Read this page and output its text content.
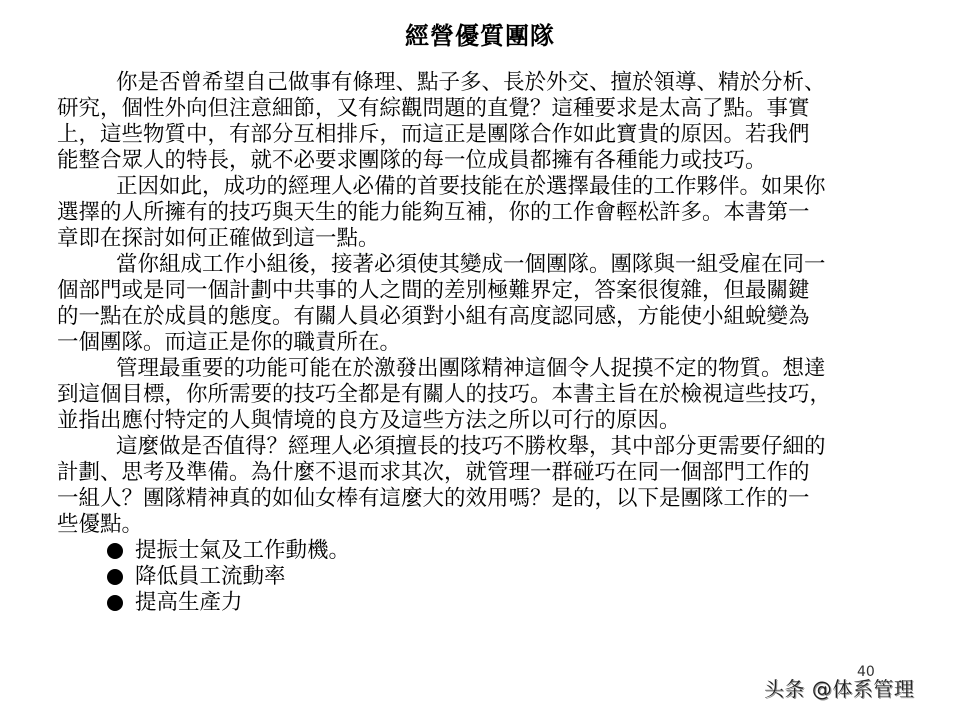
經營優質團隊
你是否曾希望自己做事有條理、點子多、長於外交、擅於領導、精於分析、
研究，個性外向但注意細節，又有綜觀問題的直覺？這種要求是太高了點。事實
上，這些物質中，有部分互相排斥，而這正是團隊合作如此寶貴的原因。若我們
能整合眾人的特長，就不必要求團隊的每一位成員都擁有各種能力或技巧。
正因如此，成功的經理人必備的首要技能在於選擇最佳的工作夥伴。如果你
選擇的人所擁有的技巧與天生的能力能夠互補，你的工作會輕松許多。本書第一
章即在探討如何正確做到這一點。
當你組成工作小組後，接著必須使其變成一個團隊。團隊與一組受雇在同一
個部門或是同一個計劃中共事的人之間的差別極難界定，答案很復雜，但最關鍵
的一點在於成員的態度。有關人員必須對小組有高度認同感，方能使小組蛻變為
一個團隊。而這正是你的職責所在。
管理最重要的功能可能在於激發出團隊精神這個令人捉摸不定的物質。想達
到這個目標，你所需要的技巧全都是有關人的技巧。本書主旨在於檢視這些技巧，
並指出應付特定的人與情境的良方及這些方法之所以可行的原因。
這麼做是否值得？經理人必須擅長的技巧不勝枚舉，其中部分更需要仔細的
計劃、思考及準備。為什麼不退而求其次，就管理一群碰巧在同一個部門工作的
一組人？團隊精神真的如仙女棒有這麼大的效用嗎？是的，以下是團隊工作的一
些優點。
提振士氣及工作動機。
降低員工流動率
提高生產力
40
头条 @体系管理
